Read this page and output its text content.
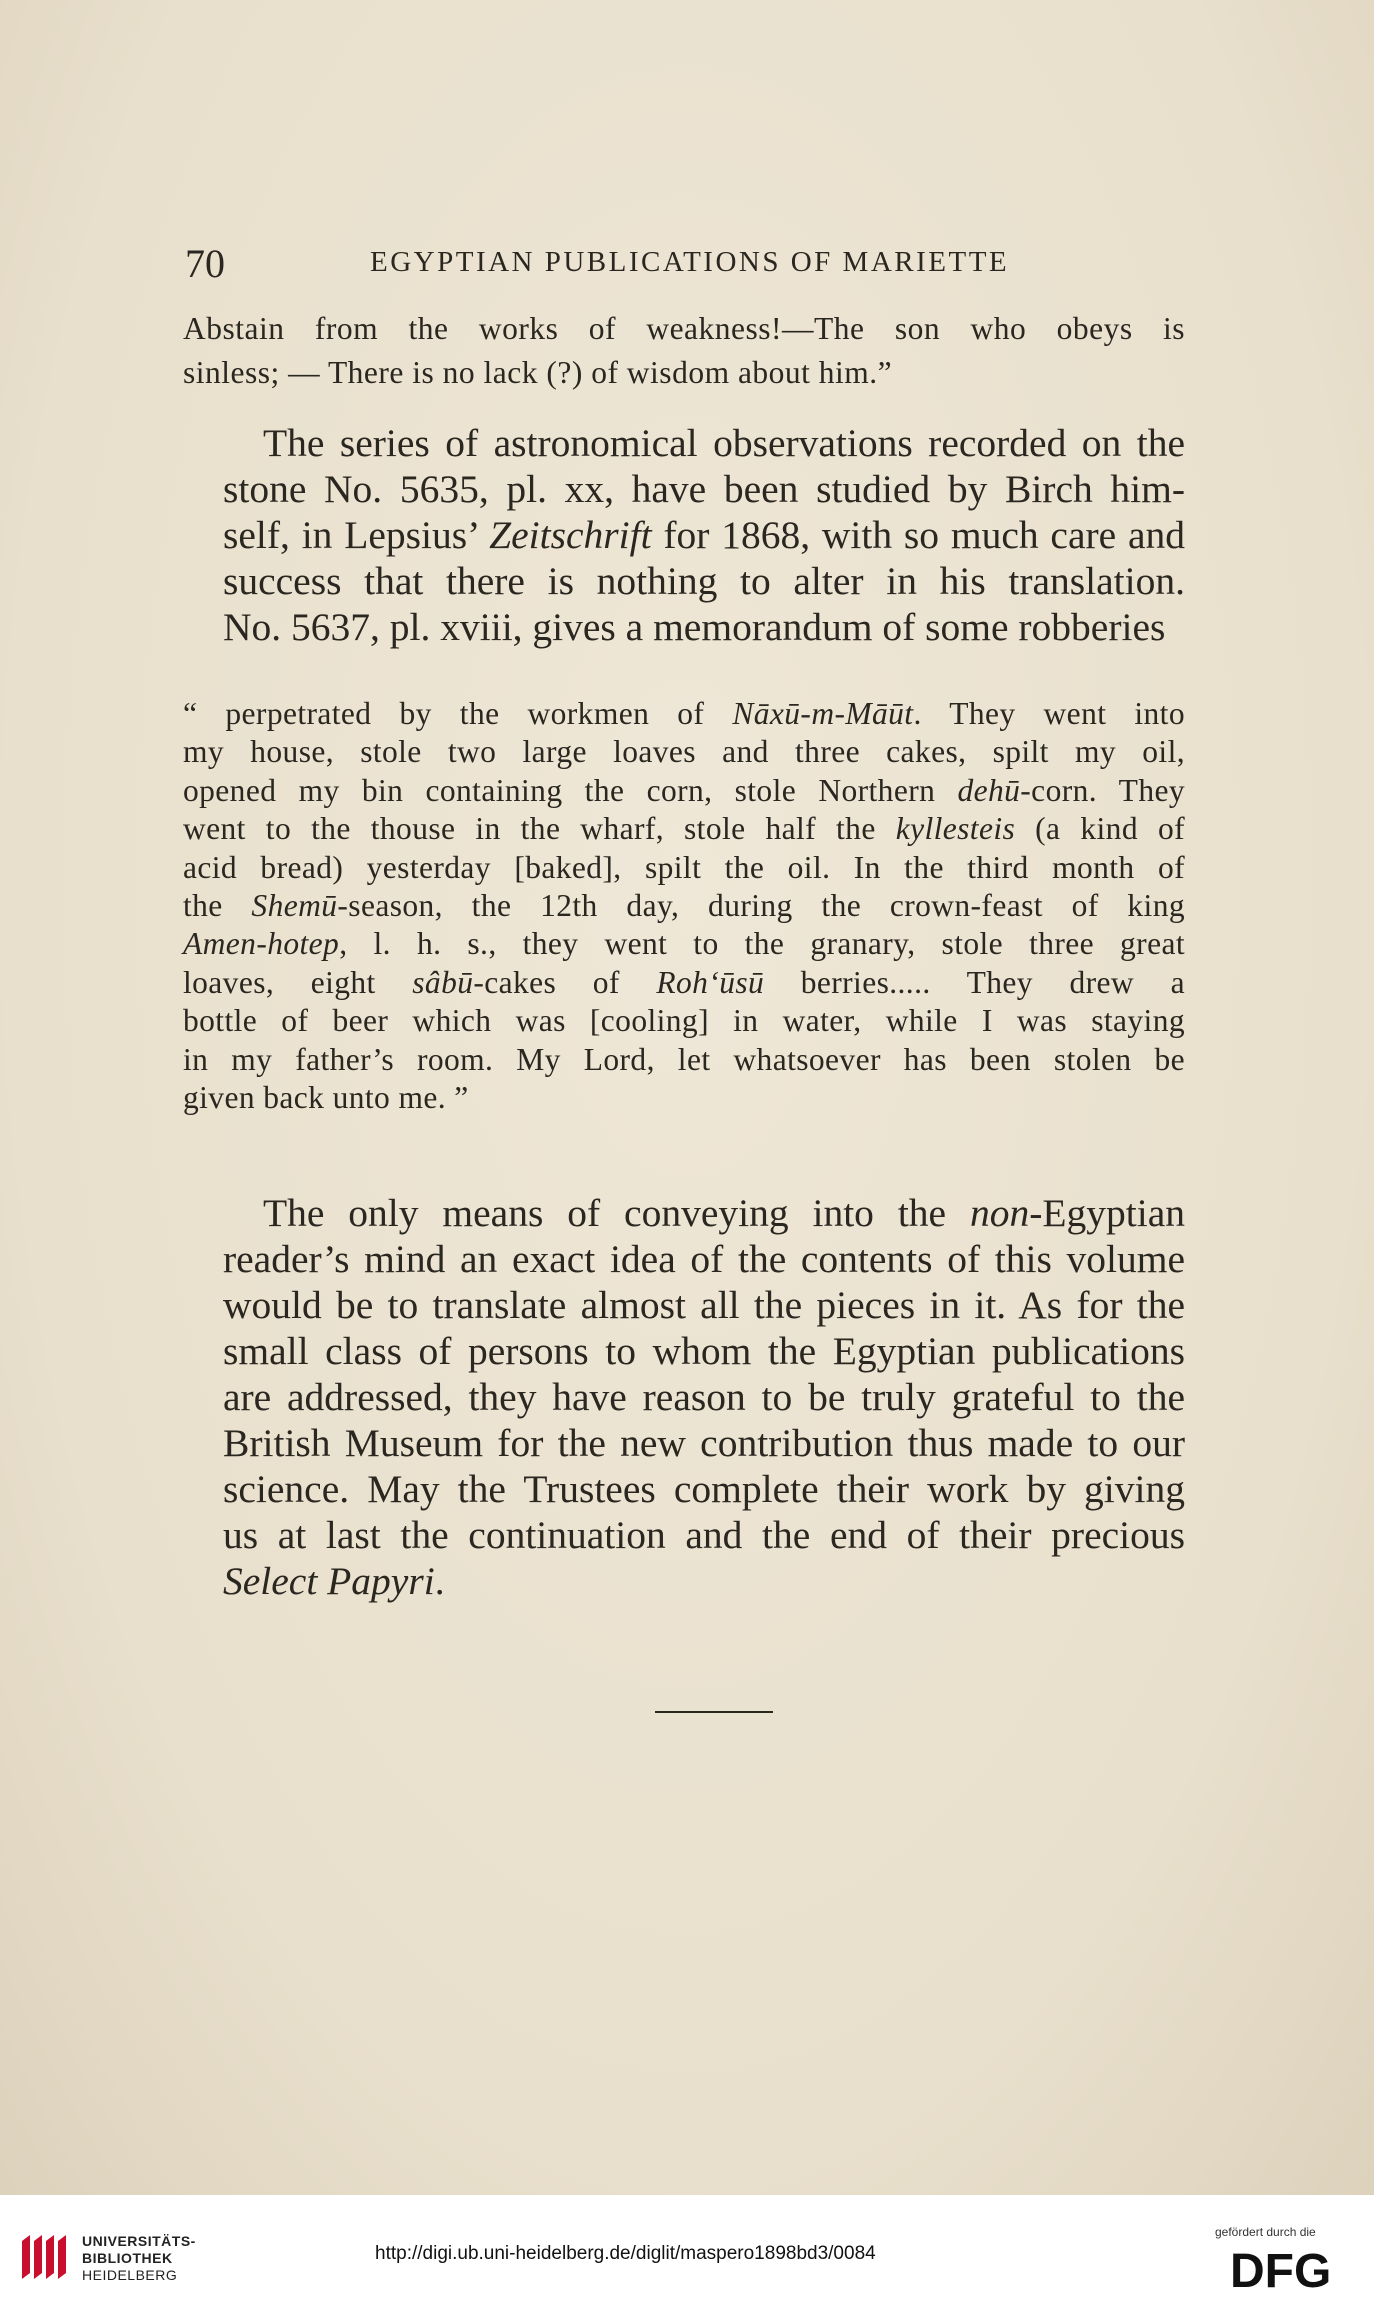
70	EGYPTIAN PUBLICATIONS OF MARIETTE
Abstain from the works of weakness!—The son who obeys is
sinless; — There is no lack (?) of wisdom about him.”
The series of astronomical observations recorded on the
stone No. 5635, pl. xx, have been studied by Birch him-
self, in Lepsius’ Zeitschrift for 1868, with so much care and
success that there is nothing to alter in his translation.
No. 5637, pl. xviii, gives a memorandum of some robberies
“ perpetrated by the workmen of Nāxū-m-Māūt. They went into
my house, stole two large loaves and three cakes, spilt my oil,
opened my bin containing the corn, stole Northern dehū-corn. They
went to the thouse in the wharf, stole half the kyllesteis (a kind of
acid bread) yesterday [baked], spilt the oil. In the third month of
the Shemū-season, the 12th day, during the crown-feast of king
Amen-hotep, l. h. s., they went to the granary, stole three great
loaves, eight sâbū-cakes of Roh‘ūsū berries..... They drew a
bottle of beer which was [cooling] in water, while I was staying
in my father’s room. My Lord, let whatsoever has been stolen be
given back unto me. ”
The only means of conveying into the non-Egyptian
reader’s mind an exact idea of the contents of this volume
would be to translate almost all the pieces in it. As for the
small class of persons to whom the Egyptian publications
are addressed, they have reason to be truly grateful to the
British Museum for the new contribution thus made to our
science. May the Trustees complete their work by giving
us at last the continuation and the end of their precious
Select Papyri.
UNIVERSITÄTS-
BIBLIOTHEK
HEIDELBERG
http://digi.ub.uni-heidelberg.de/diglit/maspero1898bd3/0084
gefördert durch die
DFG
